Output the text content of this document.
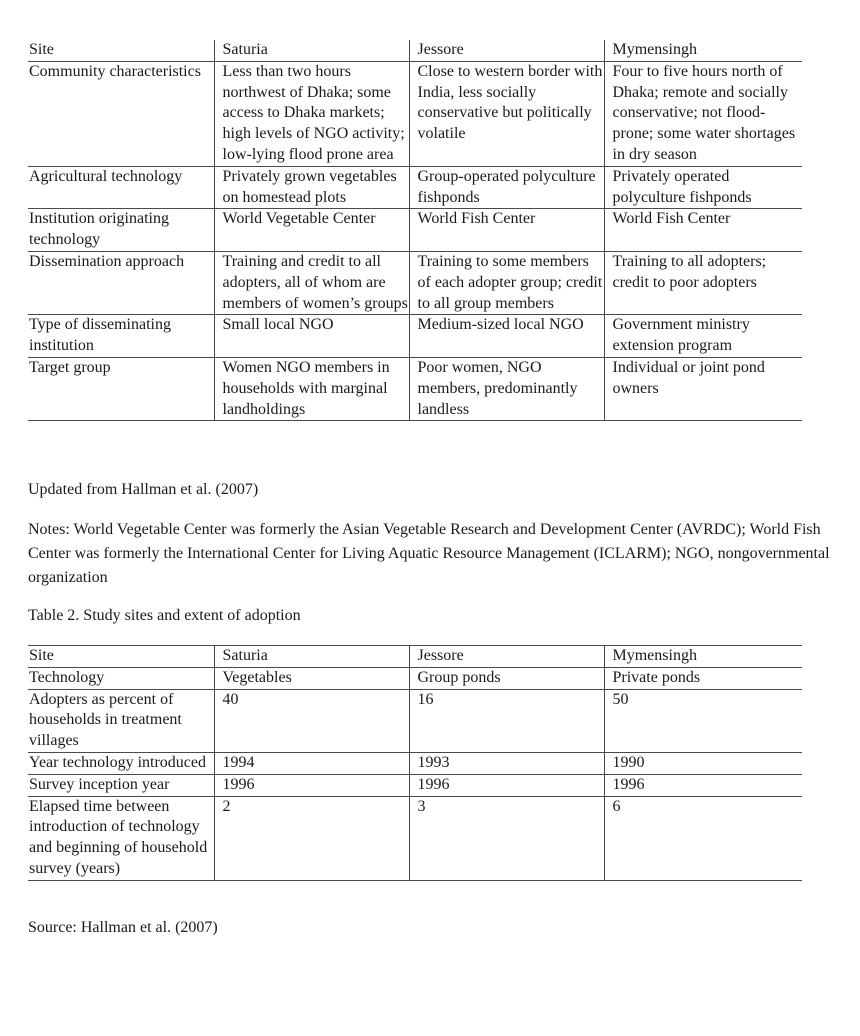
Site	Saturia	Jessore	Mymensingh
Community characteristics	Less than two hours northwest of Dhaka; some access to Dhaka markets; high levels of NGO activity; low-lying flood prone area	Close to western border with India, less socially conservative but politically volatile	Four to five hours north of Dhaka; remote and socially conservative; not flood-prone; some water shortages in dry season
Agricultural technology	Privately grown vegetables on homestead plots	Group-operated polyculture fishponds	Privately operated polyculture fishponds
Institution originating technology	World Vegetable Center	World Fish Center	World Fish Center
Dissemination approach	Training and credit to all adopters, all of whom are members of women’s groups	Training to some members of each adopter group; credit to all group members	Training to all adopters; credit to poor adopters
Type of disseminating institution	Small local NGO	Medium-sized local NGO	Government ministry extension program
Target group	Women NGO members in households with marginal landholdings	Poor women, NGO members, predominantly landless	Individual or joint pond owners

Updated from Hallman et al. (2007)

Notes: World Vegetable Center was formerly the Asian Vegetable Research and Development Center (AVRDC); World Fish Center was formerly the International Center for Living Aquatic Resource Management (ICLARM); NGO, nongovernmental organization

Table 2. Study sites and extent of adoption

Site	Saturia	Jessore	Mymensingh
Technology	Vegetables	Group ponds	Private ponds
Adopters as percent of households in treatment villages	40	16	50
Year technology introduced	1994	1993	1990
Survey inception year	1996	1996	1996
Elapsed time between introduction of technology and beginning of household survey (years)	2	3	6

Source: Hallman et al. (2007)
